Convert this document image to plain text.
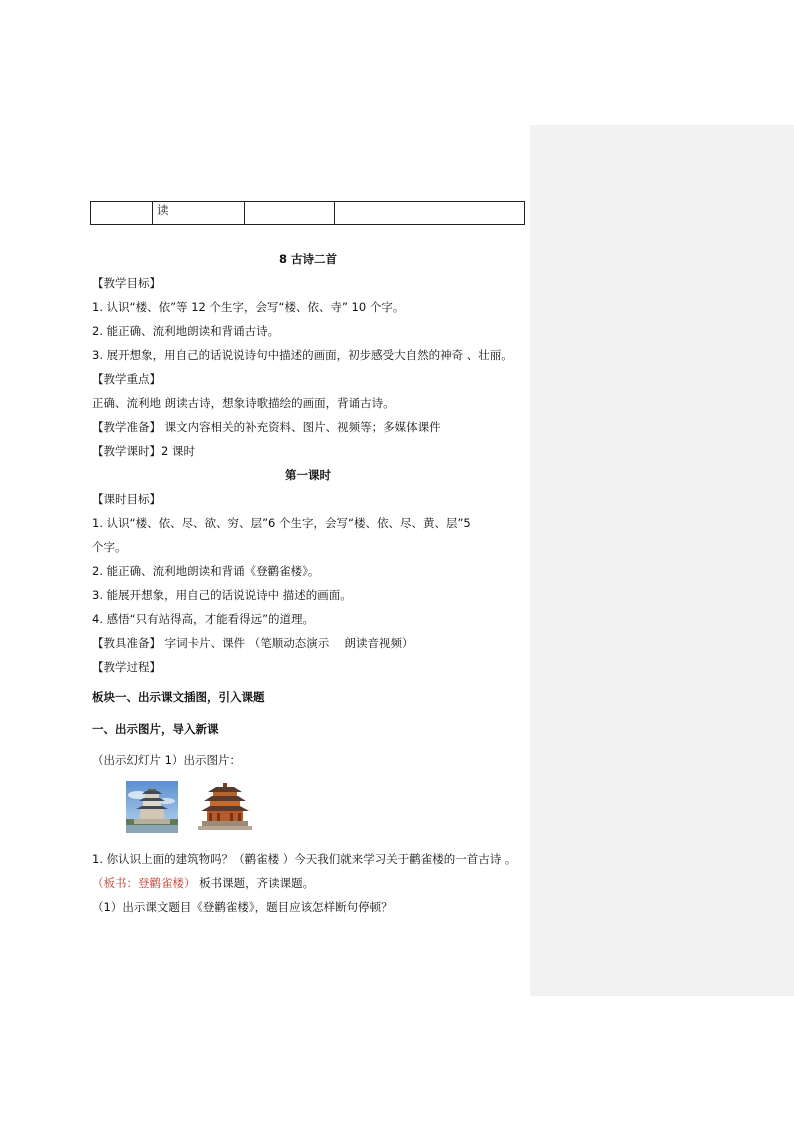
	读		
8 古诗二首
【教学目标】
1. 认识“楼、依”等 12 个生字，会写“楼、依、寺” 10 个字。
2. 能正确、流利地朗读和背诵古诗。
3. 展开想象，用自己的话说说诗句中描述的画面，初步感受大自然的神奇 、壮丽。
【教学重点】
正确、流利地 朗读古诗，想象诗歌描绘的画面，背诵古诗。
【教学准备】 课文内容相关的补充资料、图片、视频等；多媒体课件
【教学课时】2 课时
第一课时
【课时目标】
1. 认识“楼、依、尽、欲、穷、层”6 个生字，会写“楼、依、尽、黄、层”5
个字。
2. 能正确、流利地朗读和背诵《登鹳雀楼》。
3. 能展开想象，用自己的话说说诗中 描述的画面。
4. 感悟“只有站得高，才能看得远”的道理。
【教具准备】 字词卡片、课件 （笔顺动态演示　 朗读音视频）
【教学过程】
板块一、出示课文插图，引入课题
一、出示图片，导入新课
（出示幻灯片 1）出示图片：
1. 你认识上面的建筑物吗？（鹳雀楼 ）今天我们就来学习关于鹳雀楼的一首古诗 。
（板书：登鹳雀楼） 板书课题，齐读课题。
（1）出示课文题目《登鹳雀楼》，题目应该怎样断句停顿？
